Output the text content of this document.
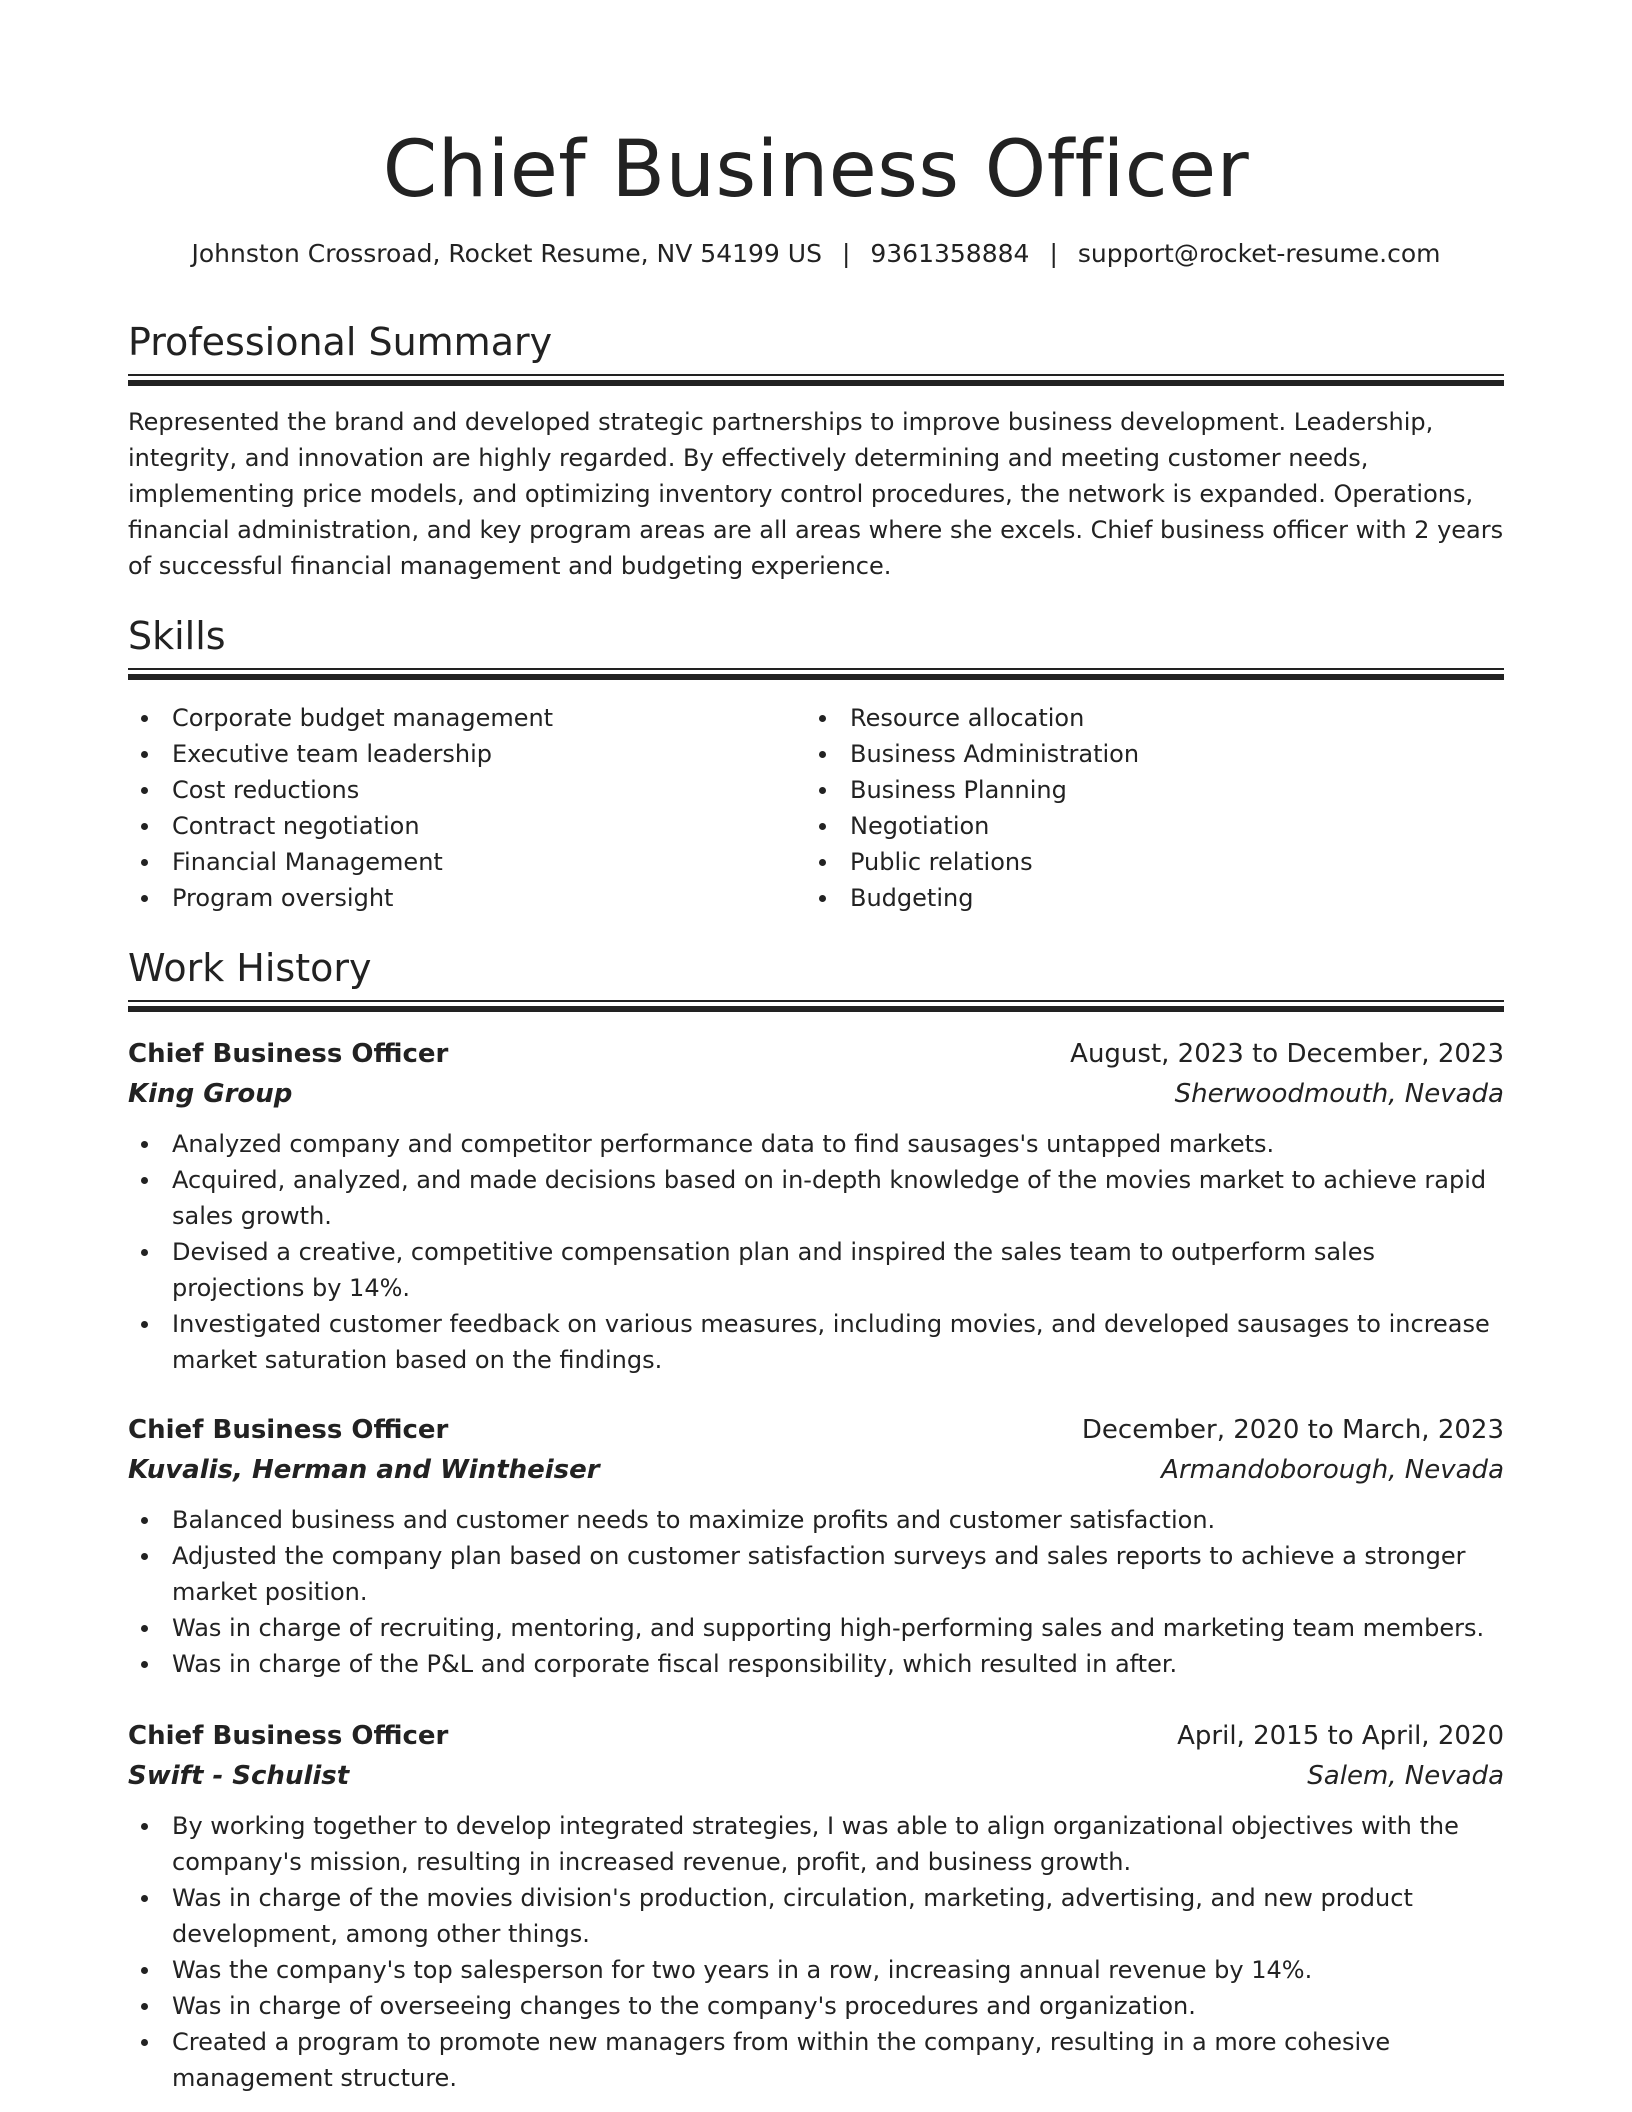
Chief Business Officer
Johnston Crossroad, Rocket Resume, NV 54199 US | 9361358884 | support@rocket-resume.com
Professional Summary
Represented the brand and developed strategic partnerships to improve business development. Leadership, integrity, and innovation are highly regarded. By effectively determining and meeting customer needs, implementing price models, and optimizing inventory control procedures, the network is expanded. Operations, financial administration, and key program areas are all areas where she excels. Chief business officer with 2 years of successful financial management and budgeting experience.
Skills
Corporate budget management
Executive team leadership
Cost reductions
Contract negotiation
Financial Management
Program oversight
Resource allocation
Business Administration
Business Planning
Negotiation
Public relations
Budgeting
Work History
Chief Business Officer	August, 2023 to December, 2023
King Group	Sherwoodmouth, Nevada
Analyzed company and competitor performance data to find sausages's untapped markets.
Acquired, analyzed, and made decisions based on in-depth knowledge of the movies market to achieve rapid sales growth.
Devised a creative, competitive compensation plan and inspired the sales team to outperform sales projections by 14%.
Investigated customer feedback on various measures, including movies, and developed sausages to increase market saturation based on the findings.
Chief Business Officer	December, 2020 to March, 2023
Kuvalis, Herman and Wintheiser	Armandoborough, Nevada
Balanced business and customer needs to maximize profits and customer satisfaction.
Adjusted the company plan based on customer satisfaction surveys and sales reports to achieve a stronger market position.
Was in charge of recruiting, mentoring, and supporting high-performing sales and marketing team members.
Was in charge of the P&L and corporate fiscal responsibility, which resulted in after.
Chief Business Officer	April, 2015 to April, 2020
Swift - Schulist	Salem, Nevada
By working together to develop integrated strategies, I was able to align organizational objectives with the company's mission, resulting in increased revenue, profit, and business growth.
Was in charge of the movies division's production, circulation, marketing, advertising, and new product development, among other things.
Was the company's top salesperson for two years in a row, increasing annual revenue by 14%.
Was in charge of overseeing changes to the company's procedures and organization.
Created a program to promote new managers from within the company, resulting in a more cohesive management structure.
